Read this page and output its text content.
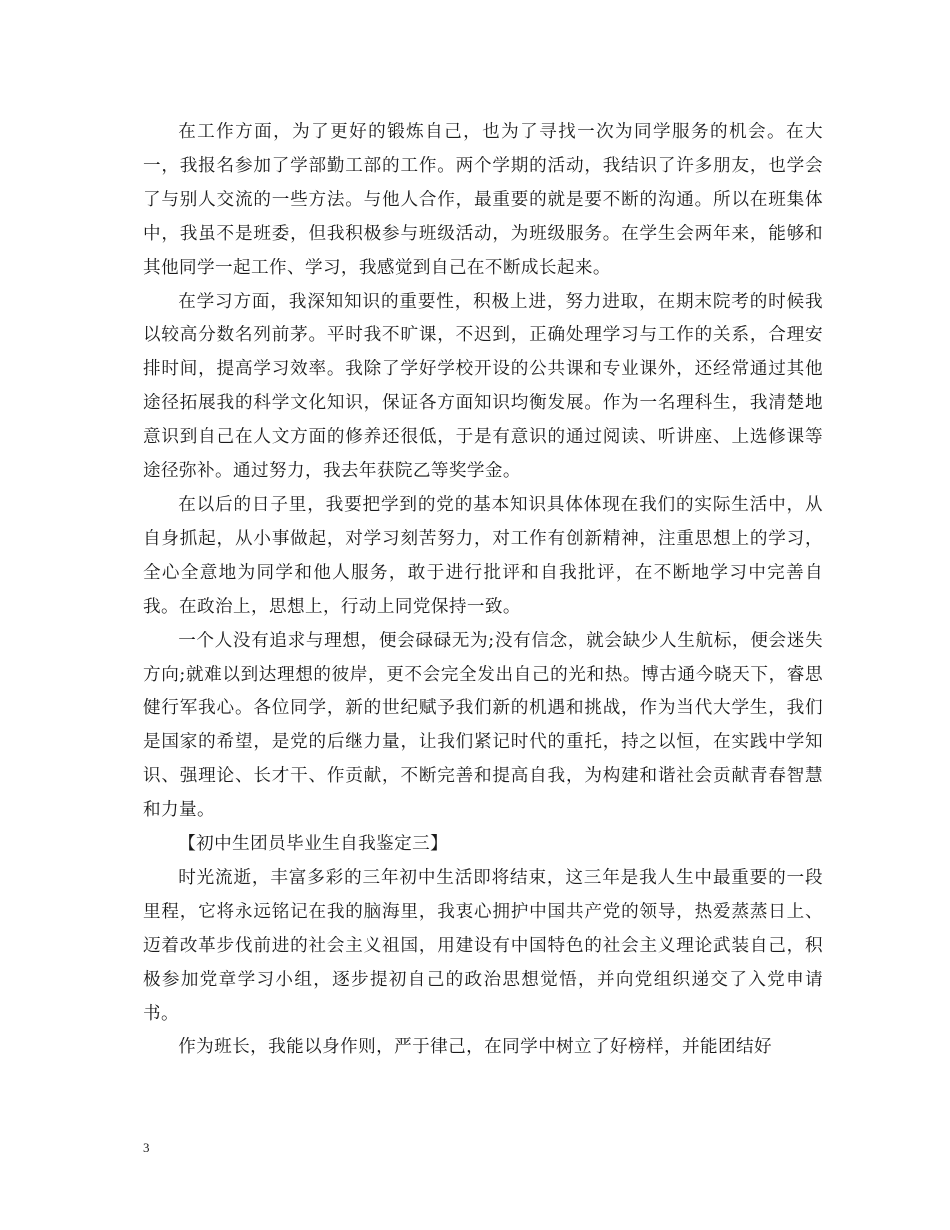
在工作方面，为了更好的锻炼自己，也为了寻找一次为同学服务的机会。在大一，我报名参加了学部勤工部的工作。两个学期的活动，我结识了许多朋友，也学会了与别人交流的一些方法。与他人合作，最重要的就是要不断的沟通。所以在班集体中，我虽不是班委，但我积极参与班级活动，为班级服务。在学生会两年来，能够和其他同学一起工作、学习，我感觉到自己在不断成长起来。

在学习方面，我深知知识的重要性，积极上进，努力进取，在期末院考的时候我以较高分数名列前茅。平时我不旷课，不迟到，正确处理学习与工作的关系，合理安排时间，提高学习效率。我除了学好学校开设的公共课和专业课外，还经常通过其他途径拓展我的科学文化知识，保证各方面知识均衡发展。作为一名理科生，我清楚地意识到自己在人文方面的修养还很低，于是有意识的通过阅读、听讲座、上选修课等途径弥补。通过努力，我去年获院乙等奖学金。

在以后的日子里，我要把学到的党的基本知识具体体现在我们的实际生活中，从自身抓起，从小事做起，对学习刻苦努力，对工作有创新精神，注重思想上的学习，全心全意地为同学和他人服务，敢于进行批评和自我批评，在不断地学习中完善自我。在政治上，思想上，行动上同党保持一致。

一个人没有追求与理想，便会碌碌无为;没有信念，就会缺少人生航标，便会迷失方向;就难以到达理想的彼岸，更不会完全发出自己的光和热。博古通今晓天下，睿思健行军我心。各位同学，新的世纪赋予我们新的机遇和挑战，作为当代大学生，我们是国家的希望，是党的后继力量，让我们紧记时代的重托，持之以恒，在实践中学知识、强理论、长才干、作贡献，不断完善和提高自我，为构建和谐社会贡献青春智慧和力量。

【初中生团员毕业生自我鉴定三】

时光流逝，丰富多彩的三年初中生活即将结束，这三年是我人生中最重要的一段里程，它将永远铭记在我的脑海里，我衷心拥护中国共产党的领导，热爱蒸蒸日上、迈着改革步伐前进的社会主义祖国，用建设有中国特色的社会主义理论武装自己，积极参加党章学习小组，逐步提初自己的政治思想觉悟，并向党组织递交了入党申请书。

作为班长，我能以身作则，严于律己，在同学中树立了好榜样，并能团结好

3
